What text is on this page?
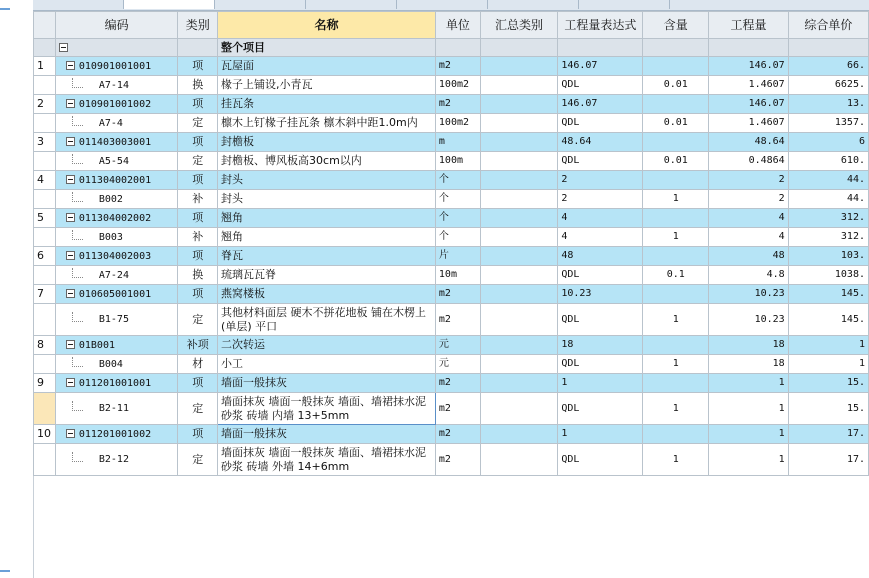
	编码	类别	名称	单位	汇总类别	工程量表达式	含量	工程量	综合单价
			整个项目						
1	010901001001	项	瓦屋面	m2		146.07		146.07	66.
	A7-14	换	椽子上铺设,小青瓦	100m2		QDL	0.01	1.4607	6625.
2	010901001002	项	挂瓦条	m2		146.07		146.07	13.
	A7-4	定	檩木上钉椽子挂瓦条 檩木斜中距1.0m内	100m2		QDL	0.01	1.4607	1357.
3	011403003001	项	封檐板	m		48.64		48.64	6
	A5-54	定	封檐板、博风板高30cm以内	100m		QDL	0.01	0.4864	610.
4	011304002001	项	封头	个		2		2	44.
	B002	补	封头	个		2	1	2	44.
5	011304002002	项	翘角	个		4		4	312.
	B003	补	翘角	个		4	1	4	312.
6	011304002003	项	脊瓦	片		48		48	103.
	A7-24	换	琉璃瓦瓦脊	10m		QDL	0.1	4.8	1038.
7	010605001001	项	燕窝楼板	m2		10.23		10.23	145.
	B1-75	定	其他材料面层 硬木不拼花地板 铺在木楞上(单层) 平口	m2		QDL	1	10.23	145.
8	01B001	补项	二次转运	元		18		18	1
	B004	材	小工	元		QDL	1	18	1
9	011201001001	项	墙面一般抹灰	m2		1		1	15.
	B2-11	定	墙面抹灰 墙面一般抹灰 墙面、墙裙抹水泥砂浆 砖墙 内墙 13+5mm	m2		QDL	1	1	15.
10	011201001002	项	墙面一般抹灰	m2		1		1	17.
	B2-12	定	墙面抹灰 墙面一般抹灰 墙面、墙裙抹水泥砂浆 砖墙 外墙 14+6mm	m2		QDL	1	1	17.
